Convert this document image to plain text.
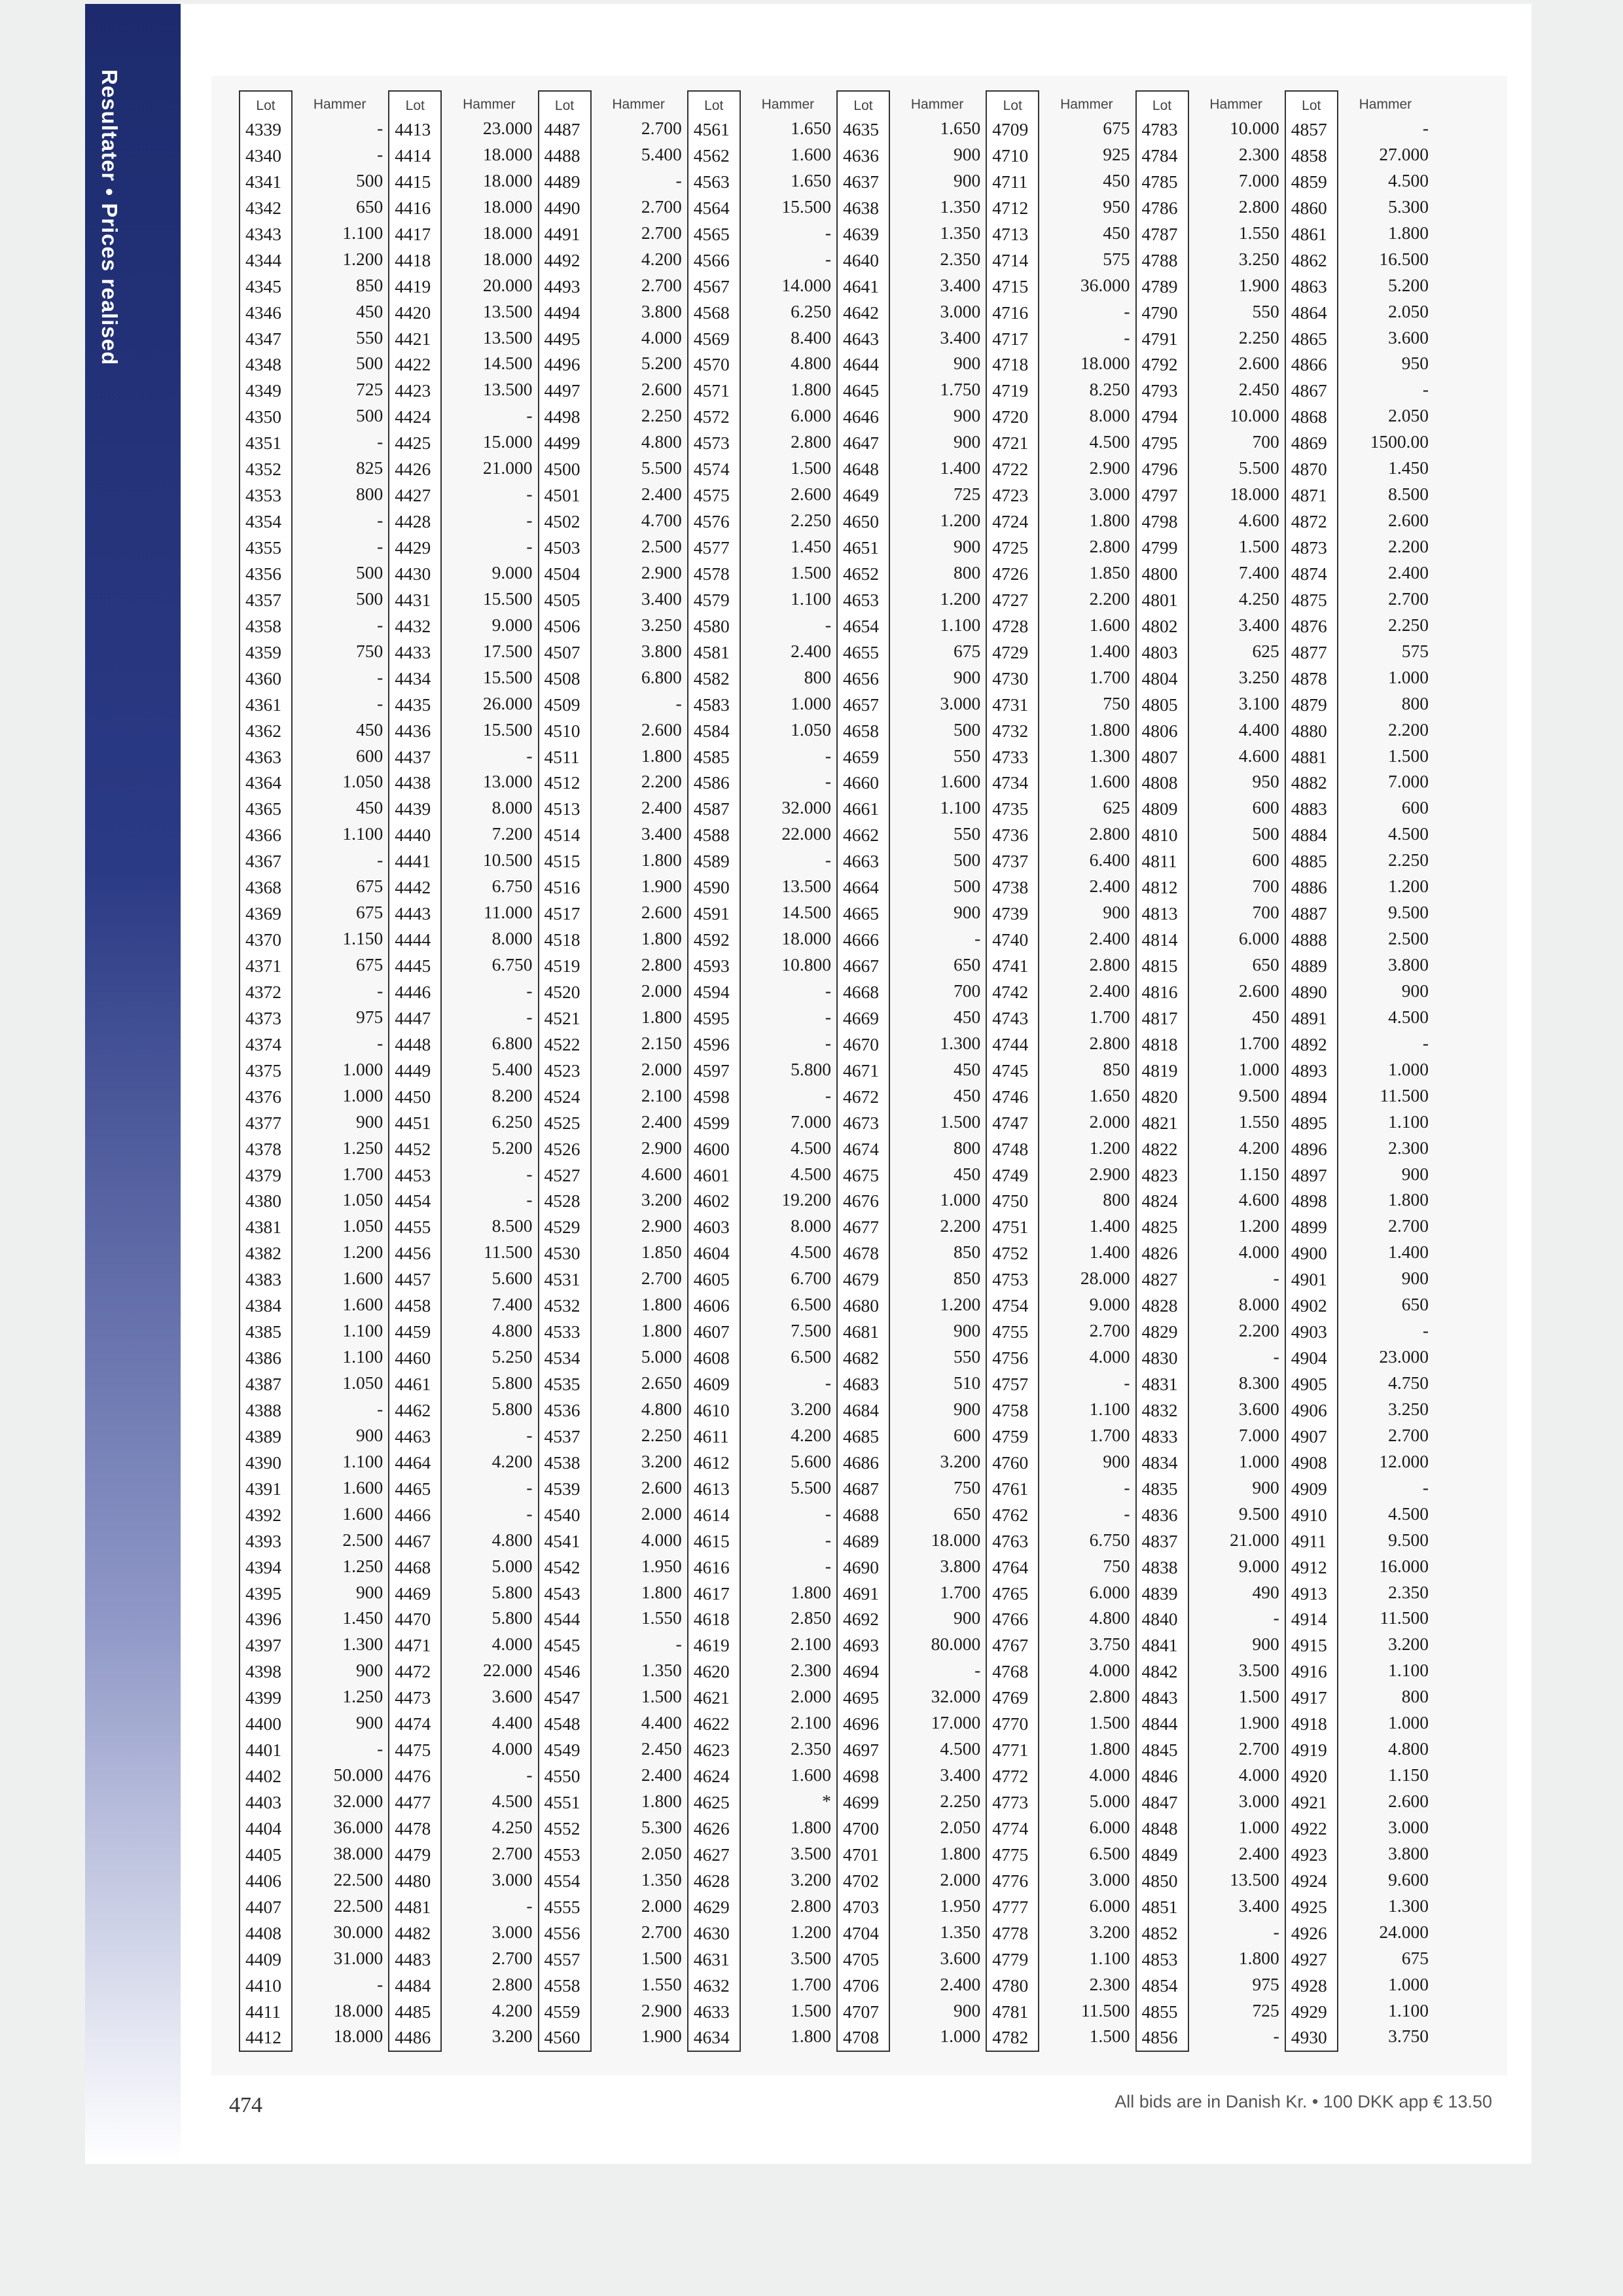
Resultater • Prices realised	Lot
4339
4340
4341
4342
4343
4344
4345
4346
4347
4348
4349
4350
4351
4352
4353
4354
4355
4356
4357
4358
4359
4360
4361
4362
4363
4364
4365
4366
4367
4368
4369
4370
4371
4372
4373
4374
4375
4376
4377
4378
4379
4380
4381
4382
4383
4384
4385
4386
4387
4388
4389
4390
4391
4392
4393
4394
4395
4396
4397
4398
4399
4400
4401
4402
4403
4404
4405
4406
4407
4408
4409
4410
4411
4412
Hammer
-
-
500
650
1.100
1.200
850
450
550
500
725
500
-
825
800
-
-
500
500
-
750
-
-
450
600
1.050
450
1.100
-
675
675
1.150
675
-
975
-
1.000
1.000
900
1.250
1.700
1.050
1.050
1.200
1.600
1.600
1.100
1.100
1.050
-
900
1.100
1.600
1.600
2.500
1.250
900
1.450
1.300
900
1.250
900
-
50.000
32.000
36.000
38.000
22.500
22.500
30.000
31.000
-
18.000
18.000
Lot
4413
4414
4415
4416
4417
4418
4419
4420
4421
4422
4423
4424
4425
4426
4427
4428
4429
4430
4431
4432
4433
4434
4435
4436
4437
4438
4439
4440
4441
4442
4443
4444
4445
4446
4447
4448
4449
4450
4451
4452
4453
4454
4455
4456
4457
4458
4459
4460
4461
4462
4463
4464
4465
4466
4467
4468
4469
4470
4471
4472
4473
4474
4475
4476
4477
4478
4479
4480
4481
4482
4483
4484
4485
4486
Hammer
23.000
18.000
18.000
18.000
18.000
18.000
20.000
13.500
13.500
14.500
13.500
-
15.000
21.000
-
-
-
9.000
15.500
9.000
17.500
15.500
26.000
15.500
-
13.000
8.000
7.200
10.500
6.750
11.000
8.000
6.750
-
-
6.800
5.400
8.200
6.250
5.200
-
-
8.500
11.500
5.600
7.400
4.800
5.250
5.800
5.800
-
4.200
-
-
4.800
5.000
5.800
5.800
4.000
22.000
3.600
4.400
4.000
-
4.500
4.250
2.700
3.000
-
3.000
2.700
2.800
4.200
3.200
Lot
4487
4488
4489
4490
4491
4492
4493
4494
4495
4496
4497
4498
4499
4500
4501
4502
4503
4504
4505
4506
4507
4508
4509
4510
4511
4512
4513
4514
4515
4516
4517
4518
4519
4520
4521
4522
4523
4524
4525
4526
4527
4528
4529
4530
4531
4532
4533
4534
4535
4536
4537
4538
4539
4540
4541
4542
4543
4544
4545
4546
4547
4548
4549
4550
4551
4552
4553
4554
4555
4556
4557
4558
4559
4560
Hammer
2.700
5.400
-
2.700
2.700
4.200
2.700
3.800
4.000
5.200
2.600
2.250
4.800
5.500
2.400
4.700
2.500
2.900
3.400
3.250
3.800
6.800
-
2.600
1.800
2.200
2.400
3.400
1.800
1.900
2.600
1.800
2.800
2.000
1.800
2.150
2.000
2.100
2.400
2.900
4.600
3.200
2.900
1.850
2.700
1.800
1.800
5.000
2.650
4.800
2.250
3.200
2.600
2.000
4.000
1.950
1.800
1.550
-
1.350
1.500
4.400
2.450
2.400
1.800
5.300
2.050
1.350
2.000
2.700
1.500
1.550
2.900
1.900
Lot
4561
4562
4563
4564
4565
4566
4567
4568
4569
4570
4571
4572
4573
4574
4575
4576
4577
4578
4579
4580
4581
4582
4583
4584
4585
4586
4587
4588
4589
4590
4591
4592
4593
4594
4595
4596
4597
4598
4599
4600
4601
4602
4603
4604
4605
4606
4607
4608
4609
4610
4611
4612
4613
4614
4615
4616
4617
4618
4619
4620
4621
4622
4623
4624
4625
4626
4627
4628
4629
4630
4631
4632
4633
4634
Hammer
1.650
1.600
1.650
15.500
-
-
14.000
6.250
8.400
4.800
1.800
6.000
2.800
1.500
2.600
2.250
1.450
1.500
1.100
-
2.400
800
1.000
1.050
-
-
32.000
22.000
-
13.500
14.500
18.000
10.800
-
-
-
5.800
-
7.000
4.500
4.500
19.200
8.000
4.500
6.700
6.500
7.500
6.500
-
3.200
4.200
5.600
5.500
-
-
-
1.800
2.850
2.100
2.300
2.000
2.100
2.350
1.600
*
1.800
3.500
3.200
2.800
1.200
3.500
1.700
1.500
1.800
Lot
4635
4636
4637
4638
4639
4640
4641
4642
4643
4644
4645
4646
4647
4648
4649
4650
4651
4652
4653
4654
4655
4656
4657
4658
4659
4660
4661
4662
4663
4664
4665
4666
4667
4668
4669
4670
4671
4672
4673
4674
4675
4676
4677
4678
4679
4680
4681
4682
4683
4684
4685
4686
4687
4688
4689
4690
4691
4692
4693
4694
4695
4696
4697
4698
4699
4700
4701
4702
4703
4704
4705
4706
4707
4708
Hammer
1.650
900
900
1.350
1.350
2.350
3.400
3.000
3.400
900
1.750
900
900
1.400
725
1.200
900
800
1.200
1.100
675
900
3.000
500
550
1.600
1.100
550
500
500
900
-
650
700
450
1.300
450
450
1.500
800
450
1.000
2.200
850
850
1.200
900
550
510
900
600
3.200
750
650
18.000
3.800
1.700
900
80.000
-
32.000
17.000
4.500
3.400
2.250
2.050
1.800
2.000
1.950
1.350
3.600
2.400
900
1.000
Lot
4709
4710
4711
4712
4713
4714
4715
4716
4717
4718
4719
4720
4721
4722
4723
4724
4725
4726
4727
4728
4729
4730
4731
4732
4733
4734
4735
4736
4737
4738
4739
4740
4741
4742
4743
4744
4745
4746
4747
4748
4749
4750
4751
4752
4753
4754
4755
4756
4757
4758
4759
4760
4761
4762
4763
4764
4765
4766
4767
4768
4769
4770
4771
4772
4773
4774
4775
4776
4777
4778
4779
4780
4781
4782
Hammer
675
925
450
950
450
575
36.000
-
-
18.000
8.250
8.000
4.500
2.900
3.000
1.800
2.800
1.850
2.200
1.600
1.400
1.700
750
1.800
1.300
1.600
625
2.800
6.400
2.400
900
2.400
2.800
2.400
1.700
2.800
850
1.650
2.000
1.200
2.900
800
1.400
1.400
28.000
9.000
2.700
4.000
-
1.100
1.700
900
-
-
6.750
750
6.000
4.800
3.750
4.000
2.800
1.500
1.800
4.000
5.000
6.000
6.500
3.000
6.000
3.200
1.100
2.300
11.500
1.500
Lot
4783
4784
4785
4786
4787
4788
4789
4790
4791
4792
4793
4794
4795
4796
4797
4798
4799
4800
4801
4802
4803
4804
4805
4806
4807
4808
4809
4810
4811
4812
4813
4814
4815
4816
4817
4818
4819
4820
4821
4822
4823
4824
4825
4826
4827
4828
4829
4830
4831
4832
4833
4834
4835
4836
4837
4838
4839
4840
4841
4842
4843
4844
4845
4846
4847
4848
4849
4850
4851
4852
4853
4854
4855
4856
Hammer
10.000
2.300
7.000
2.800
1.550
3.250
1.900
550
2.250
2.600
2.450
10.000
700
5.500
18.000
4.600
1.500
7.400
4.250
3.400
625
3.250
3.100
4.400
4.600
950
600
500
600
700
700
6.000
650
2.600
450
1.700
1.000
9.500
1.550
4.200
1.150
4.600
1.200
4.000
-
8.000
2.200
-
8.300
3.600
7.000
1.000
900
9.500
21.000
9.000
490
-
900
3.500
1.500
1.900
2.700
4.000
3.000
1.000
2.400
13.500
3.400
-
1.800
975
725
-
Lot
4857
4858
4859
4860
4861
4862
4863
4864
4865
4866
4867
4868
4869
4870
4871
4872
4873
4874
4875
4876
4877
4878
4879
4880
4881
4882
4883
4884
4885
4886
4887
4888
4889
4890
4891
4892
4893
4894
4895
4896
4897
4898
4899
4900
4901
4902
4903
4904
4905
4906
4907
4908
4909
4910
4911
4912
4913
4914
4915
4916
4917
4918
4919
4920
4921
4922
4923
4924
4925
4926
4927
4928
4929
4930
Hammer
-
27.000
4.500
5.300
1.800
16.500
5.200
2.050
3.600
950
-
2.050
1500.00
1.450
8.500
2.600
2.200
2.400
2.700
2.250
575
1.000
800
2.200
1.500
7.000
600
4.500
2.250
1.200
9.500
2.500
3.800
900
4.500
-
1.000
11.500
1.100
2.300
900
1.800
2.700
1.400
900
650
-
23.000
4.750
3.250
2.700
12.000
-
4.500
9.500
16.000
2.350
11.500
3.200
1.100
800
1.000
4.800
1.150
2.600
3.000
3.800
9.600
1.300
24.000
675
1.000
1.100
3.750
474	All bids are in Danish Kr. • 100 DKK app € 13.50
